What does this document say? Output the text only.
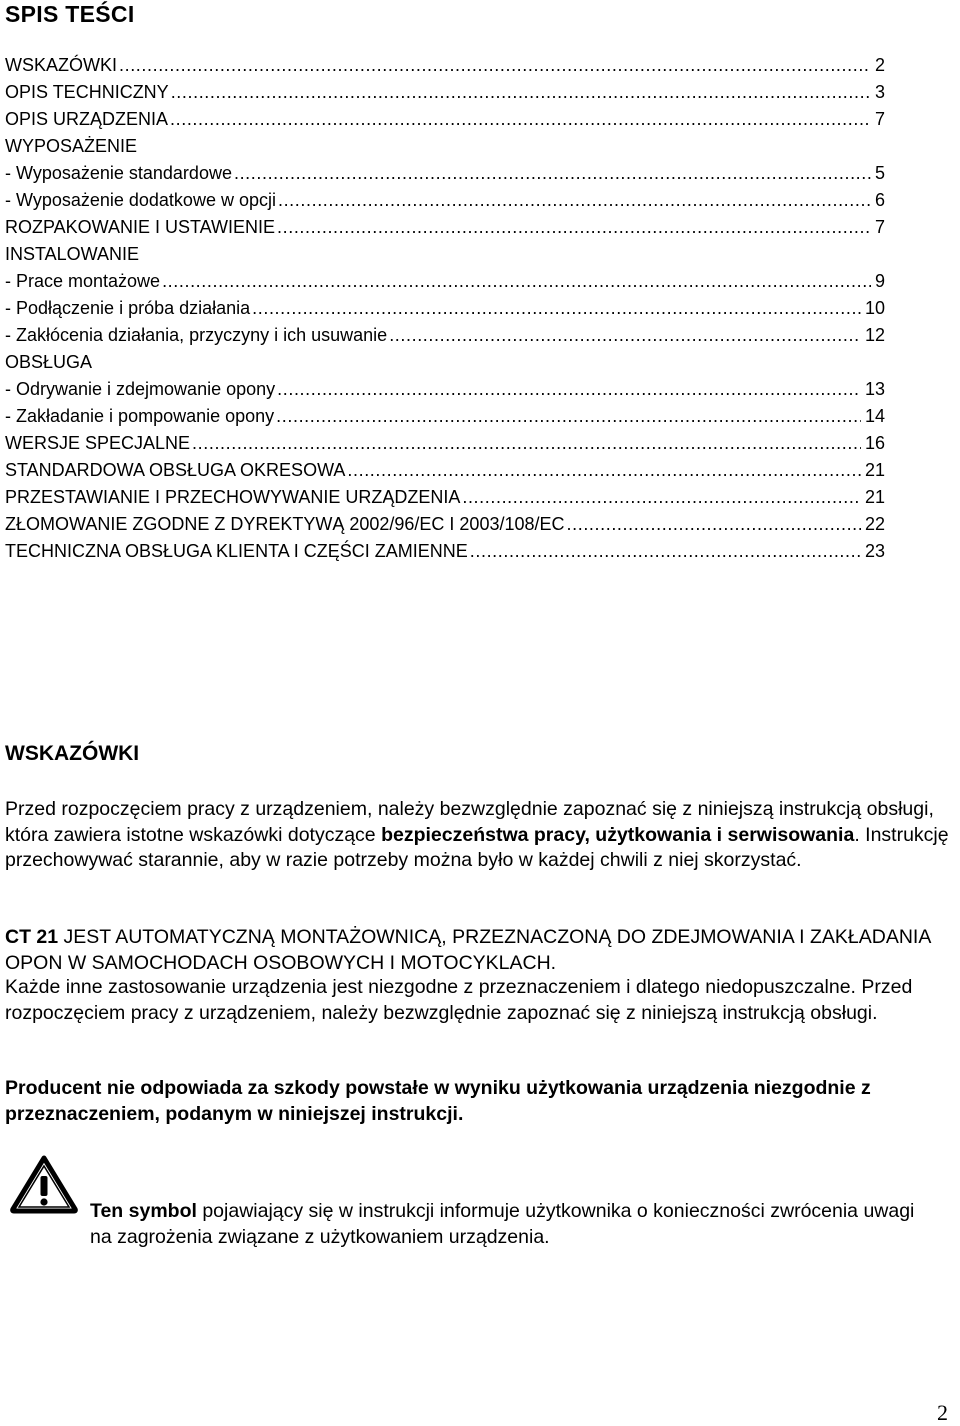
SPIS TEŚCI
WSKAZÓWKI .....	2
OPIS TECHNICZNY .....	3
OPIS URZĄDZENIA .....	7
WYPOSAŻENIE
- Wyposażenie standardowe .....	5
- Wyposażenie dodatkowe w opcji .....	6
ROZPAKOWANIE I USTAWIENIE .....	7
INSTALOWANIE
- Prace montażowe .....	9
- Podłączenie i próba działania .....	10
- Zakłócenia działania, przyczyny i ich usuwanie .....	12
OBSŁUGA
- Odrywanie i zdejmowanie opony .....	13
- Zakładanie i pompowanie opony .....	14
WERSJE SPECJALNE .....	16
STANDARDOWA OBSŁUGA OKRESOWA .....	21
PRZESTAWIANIE I PRZECHOWYWANIE URZĄDZENIA .....	21
ZŁOMOWANIE ZGODNE Z DYREKTYWĄ 2002/96/EC I 2003/108/EC .....	22
TECHNICZNA OBSŁUGA KLIENTA I CZĘŚCI ZAMIENNE .....	23
WSKAZÓWKI

Przed rozpoczęciem pracy z urządzeniem, należy bezwzględnie zapoznać się z niniejszą instrukcją obsługi, która zawiera istotne wskazówki dotyczące bezpieczeństwa pracy, użytkowania i serwisowania. Instrukcję przechowywać starannie, aby w razie potrzeby można było w każdej chwili z niej skorzystać.

CT 21 JEST AUTOMATYCZNĄ MONTAŻOWNICĄ, PRZEZNACZONĄ DO ZDEJMOWANIA I ZAKŁADANIA OPON W SAMOCHODACH OSOBOWYCH I MOTOCYKLACH.

Każde inne zastosowanie urządzenia jest niezgodne z przeznaczeniem i dlatego niedopuszczalne. Przed rozpoczęciem pracy z urządzeniem, należy bezwzględnie zapoznać się z niniejszą instrukcją obsługi.

Producent nie odpowiada za szkody powstałe w wyniku użytkowania urządzenia niezgodnie z przeznaczeniem, podanym w niniejszej instrukcji.

Ten symbol pojawiający się w instrukcji informuje użytkownika o konieczności zwrócenia uwagi na zagrożenia związane z użytkowaniem urządzenia.

2
